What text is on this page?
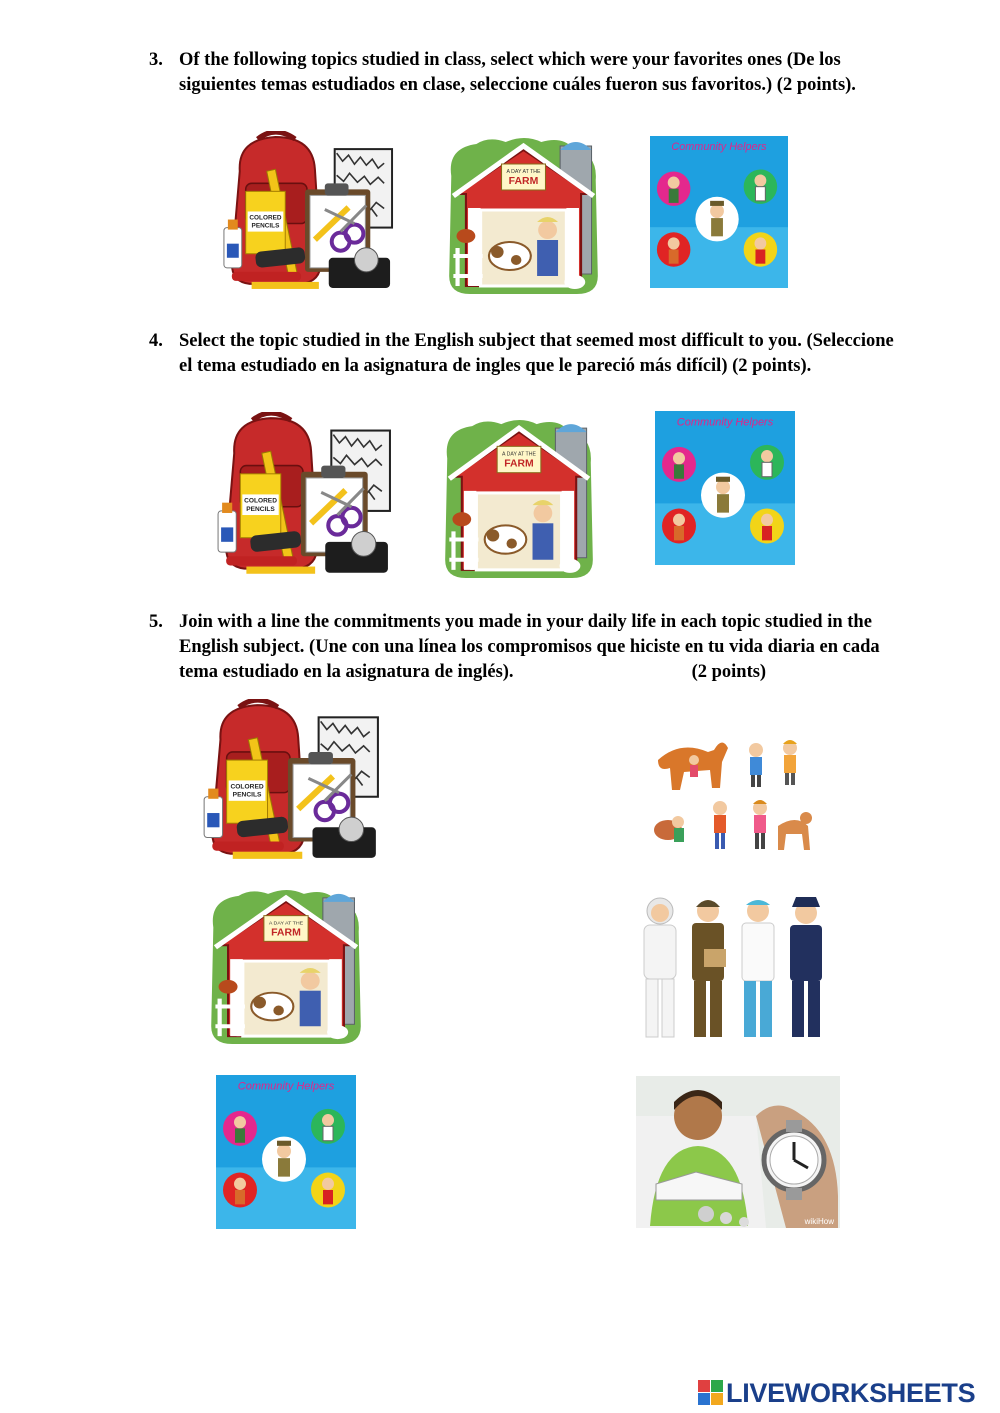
3. Of the following topics studied in class, select which were your favorites ones (De los siguientes temas estudiados en clase, seleccione cuáles fueron sus favoritos.) (2 points).
Community Helpers
4. Select the topic studied in the English subject that seemed most difficult to you. (Seleccione el tema estudiado en la asignatura de ingles que le pareció más difícil) (2 points).
Community Helpers
5. Join with a line the commitments you made in your daily life in each topic studied in the English subject. (Une con una línea los compromisos que hiciste en tu vida diaria en cada tema estudiado en la asignatura de inglés).	(2 points)
Community Helpers
wikiHow
LIVEWORKSHEETS
